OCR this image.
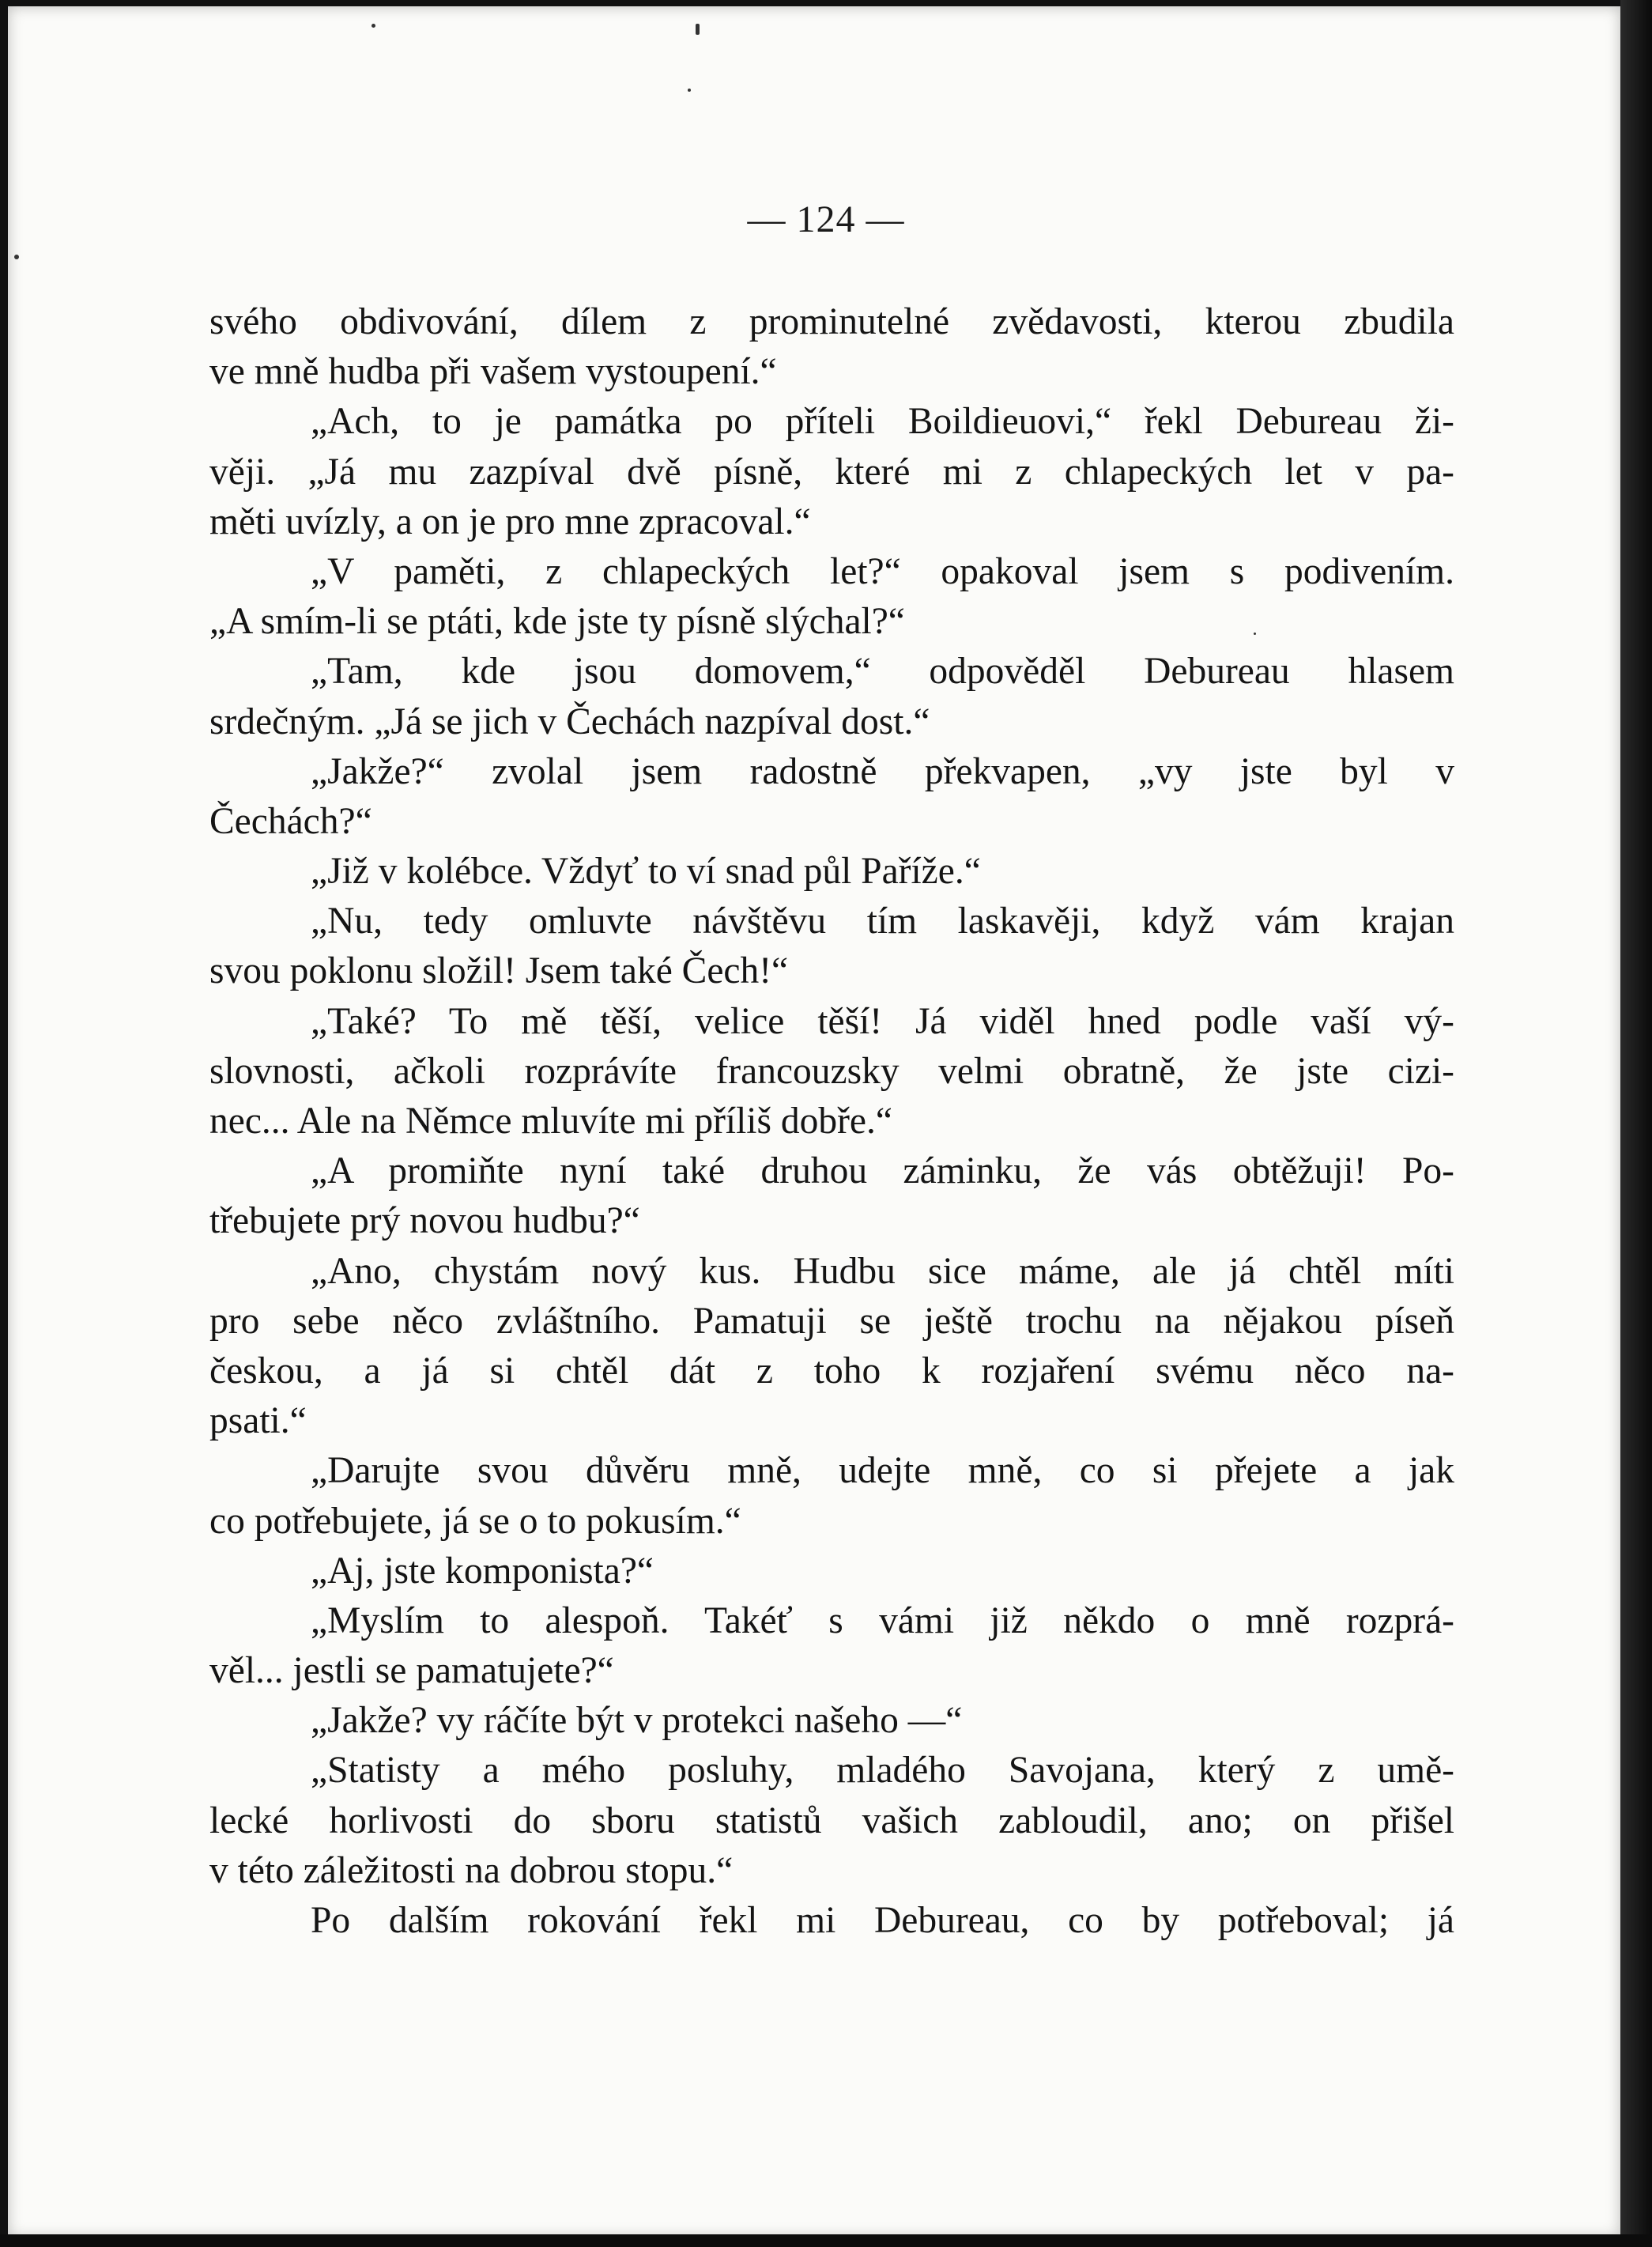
— 124 —
svého obdivování, dílem z prominutelné zvědavosti, kterou zbudila
ve mně hudba při vašem vystoupení.“
„Ach, to je památka po příteli Boildieuovi,“ řekl Debureau ži-
věji. „Já mu zazpíval dvě písně, které mi z chlapeckých let v pa-
měti uvízly, a on je pro mne zpracoval.“
„V paměti, z chlapeckých let?“ opakoval jsem s podivením.
„A smím-li se ptáti, kde jste ty písně slýchal?“
„Tam, kde jsou domovem,“ odpověděl Debureau hlasem
srdečným. „Já se jich v Čechách nazpíval dost.“
„Jakže?“ zvolal jsem radostně překvapen, „vy jste byl v
Čechách?“
„Již v kolébce. Vždyť to ví snad půl Paříže.“
„Nu, tedy omluvte návštěvu tím laskavěji, když vám krajan
svou poklonu složil! Jsem také Čech!“
„Také? To mě těší, velice těší! Já viděl hned podle vaší vý-
slovnosti, ačkoli rozprávíte francouzsky velmi obratně, že jste cizi-
nec... Ale na Němce mluvíte mi příliš dobře.“
„A promiňte nyní také druhou záminku, že vás obtěžuji! Po-
třebujete prý novou hudbu?“
„Ano, chystám nový kus. Hudbu sice máme, ale já chtěl míti
pro sebe něco zvláštního. Pamatuji se ještě trochu na nějakou píseň
českou, a já si chtěl dát z toho k rozjaření svému něco na-
psati.“
„Darujte svou důvěru mně, udejte mně, co si přejete a jak
co potřebujete, já se o to pokusím.“
„Aj, jste komponista?“
„Myslím to alespoň. Takéť s vámi již někdo o mně rozprá-
věl... jestli se pamatujete?“
„Jakže? vy ráčíte být v protekci našeho —“
„Statisty a mého posluhy, mladého Savojana, který z umě-
lecké horlivosti do sboru statistů vašich zabloudil, ano; on přišel
v této záležitosti na dobrou stopu.“
Po dalším rokování řekl mi Debureau, co by potřeboval; já
